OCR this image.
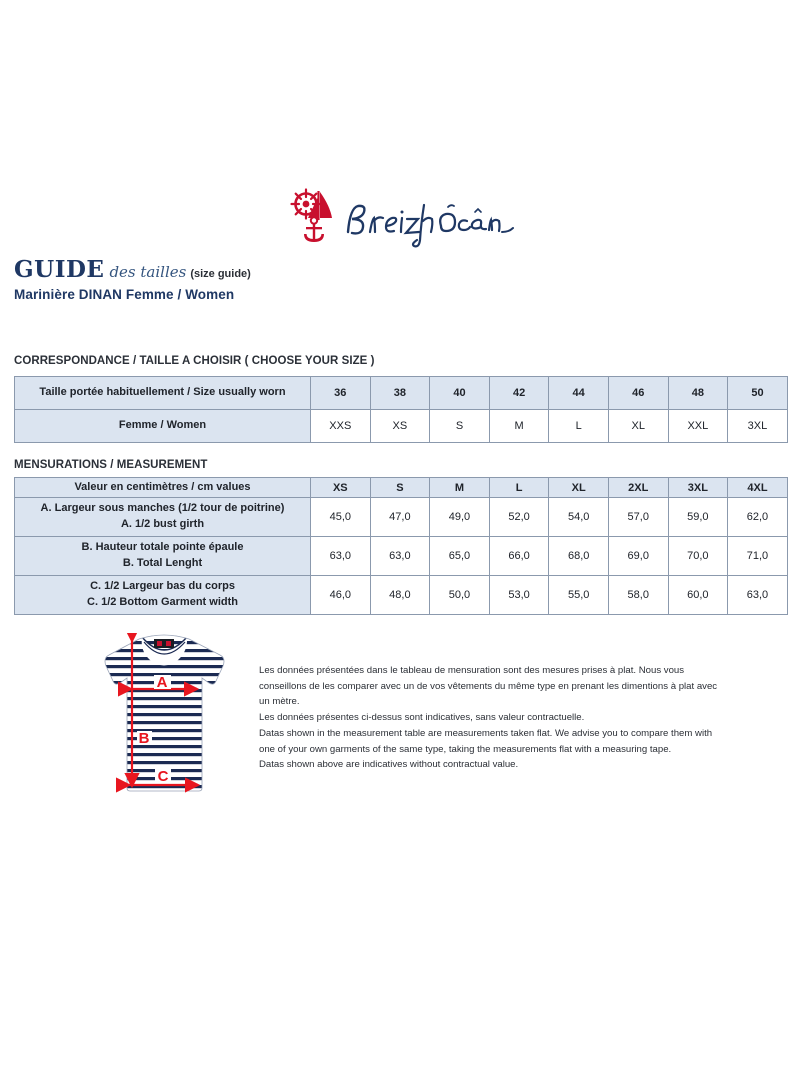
GUIDE des tailles (size guide)
Marinière DINAN Femme / Women
CORRESPONDANCE / TAILLE A CHOISIR ( CHOOSE YOUR SIZE )
Taille portée habituellement / Size usually worn	36	38	40	42	44	46	48	50
Femme / Women	XXS	XS	S	M	L	XL	XXL	3XL
MENSURATIONS / MEASUREMENT
Valeur en centimètres / cm values	XS	S	M	L	XL	2XL	3XL	4XL
A. Largeur sous manches (1/2 tour de poitrine)
A. 1/2 bust girth	45,0	47,0	49,0	52,0	54,0	57,0	59,0	62,0
B. Hauteur totale pointe épaule
B. Total Lenght	63,0	63,0	65,0	66,0	68,0	69,0	70,0	71,0
C. 1/2 Largeur bas du corps
C. 1/2 Bottom Garment width	46,0	48,0	50,0	53,0	55,0	58,0	60,0	63,0
A
B
C
Les données présentées dans le tableau de mensuration sont des mesures prises à plat. Nous vous conseillons de les comparer avec un de vos vêtements du même type en prenant les dimentions à plat avec un mètre.
Les données présentes ci-dessus sont indicatives, sans valeur contractuelle.
Datas shown in the measurement table are measurements taken flat. We advise you to compare them with one of your own garments of the same type, taking the measurements flat with a measuring tape.
Datas shown above are indicatives without contractual value.
